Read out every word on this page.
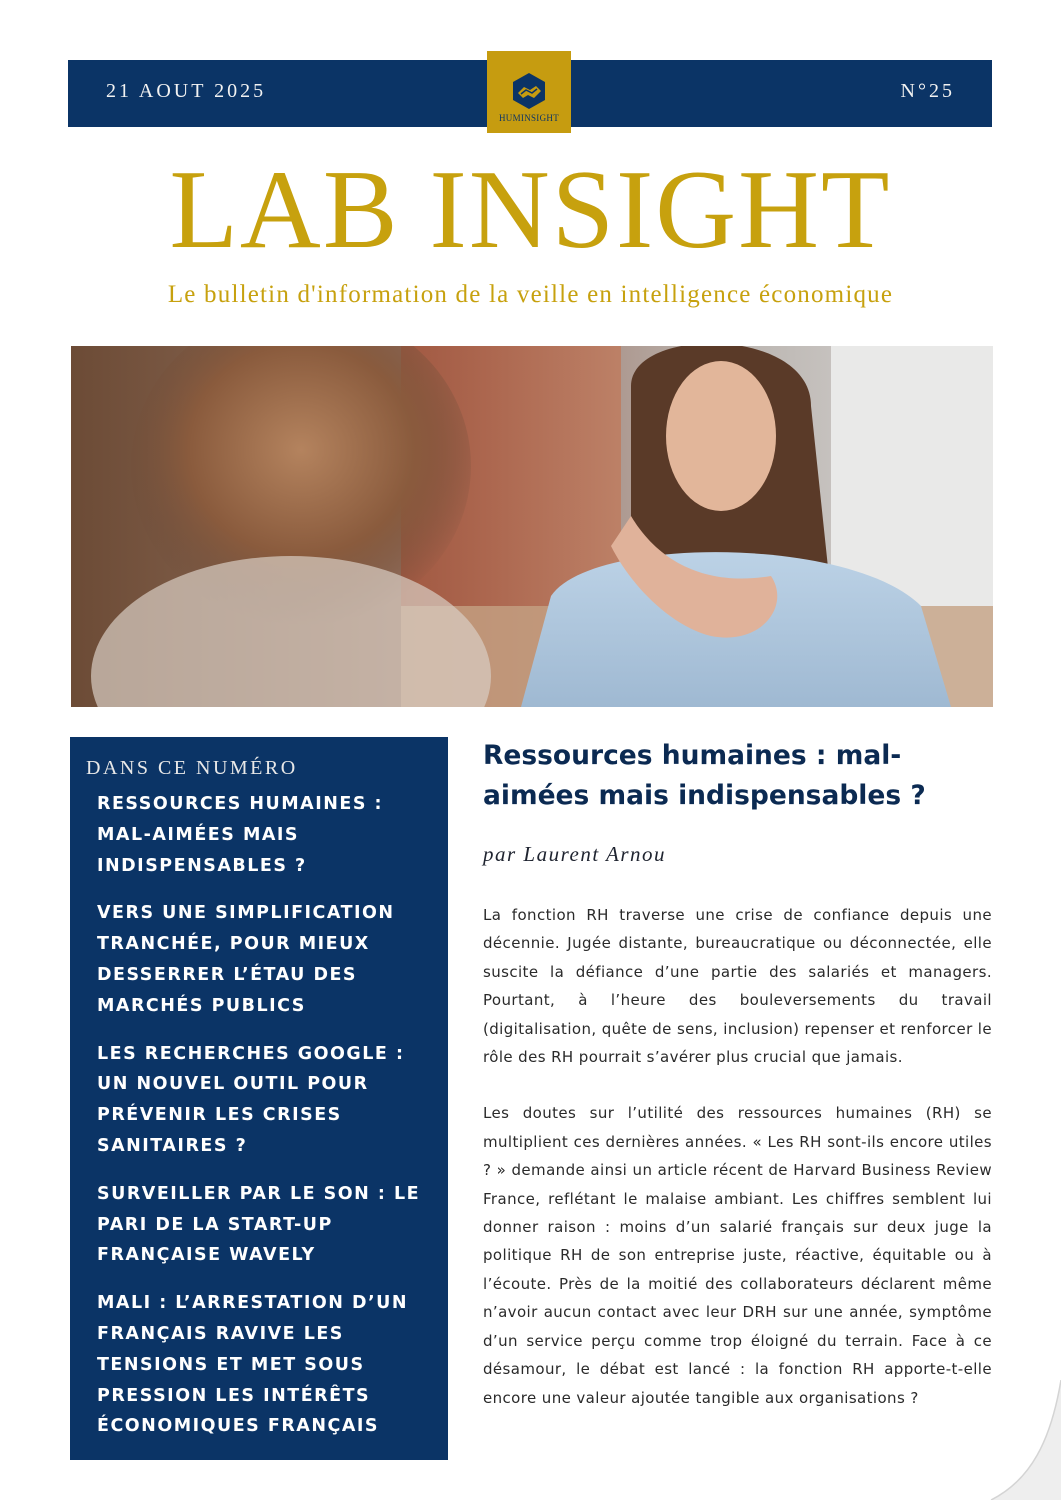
21 AOUT 2025	N°25
HUMINSIGHT
LAB INSIGHT
Le bulletin d'information de la veille en intelligence économique
DANS CE NUMÉRO
RESSOURCES HUMAINES : MAL-AIMÉES MAIS INDISPENSABLES ?
VERS UNE SIMPLIFICATION TRANCHÉE, POUR MIEUX DESSERRER L’ÉTAU DES MARCHÉS PUBLICS
LES RECHERCHES GOOGLE : UN NOUVEL OUTIL POUR PRÉVENIR LES CRISES SANITAIRES ?
SURVEILLER PAR LE SON : LE PARI DE LA START-UP FRANÇAISE WAVELY
MALI : L’ARRESTATION D’UN FRANÇAIS RAVIVE LES TENSIONS ET MET SOUS PRESSION LES INTÉRÊTS ÉCONOMIQUES FRANÇAIS
Ressources humaines : mal-aimées mais indispensables ?
par Laurent Arnou

La fonction RH traverse une crise de confiance depuis une décennie. Jugée distante, bureaucratique ou déconnectée, elle suscite la défiance d’une partie des salariés et managers. Pourtant, à l’heure des bouleversements du travail (digitalisation, quête de sens, inclusion) repenser et renforcer le rôle des RH pourrait s’avérer plus crucial que jamais.

Les doutes sur l’utilité des ressources humaines (RH) se multiplient ces dernières années. « Les RH sont-ils encore utiles ? » demande ainsi un article récent de Harvard Business Review France, reflétant le malaise ambiant. Les chiffres semblent lui donner raison : moins d’un salarié français sur deux juge la politique RH de son entreprise juste, réactive, équitable ou à l’écoute. Près de la moitié des collaborateurs déclarent même n’avoir aucun contact avec leur DRH sur une année, symptôme d’un service perçu comme trop éloigné du terrain. Face à ce désamour, le débat est lancé : la fonction RH apporte-t-elle encore une valeur ajoutée tangible aux organisations ?
